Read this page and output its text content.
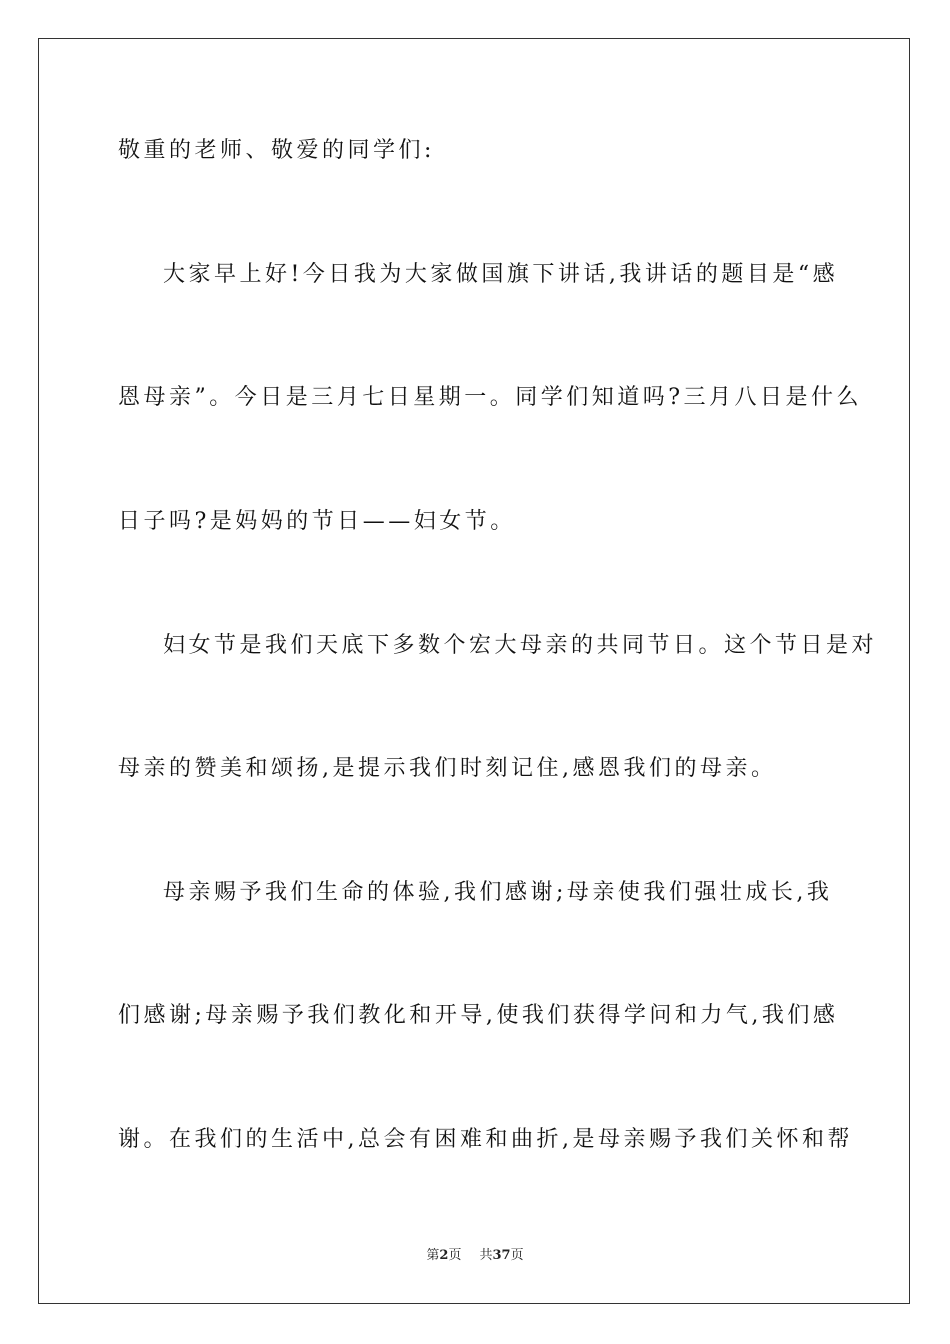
敬重的老师、敬爱的同学们:
大家早上好!今日我为大家做国旗下讲话,我讲话的题目是“感
恩母亲”。今日是三月七日星期一。同学们知道吗?三月八日是什么
日子吗?是妈妈的节日——妇女节。
妇女节是我们天底下多数个宏大母亲的共同节日。这个节日是对
母亲的赞美和颂扬,是提示我们时刻记住,感恩我们的母亲。
母亲赐予我们生命的体验,我们感谢;母亲使我们强壮成长,我
们感谢;母亲赐予我们教化和开导,使我们获得学问和力气,我们感
谢。在我们的生活中,总会有困难和曲折,是母亲赐予我们关怀和帮
第2页 共37页
